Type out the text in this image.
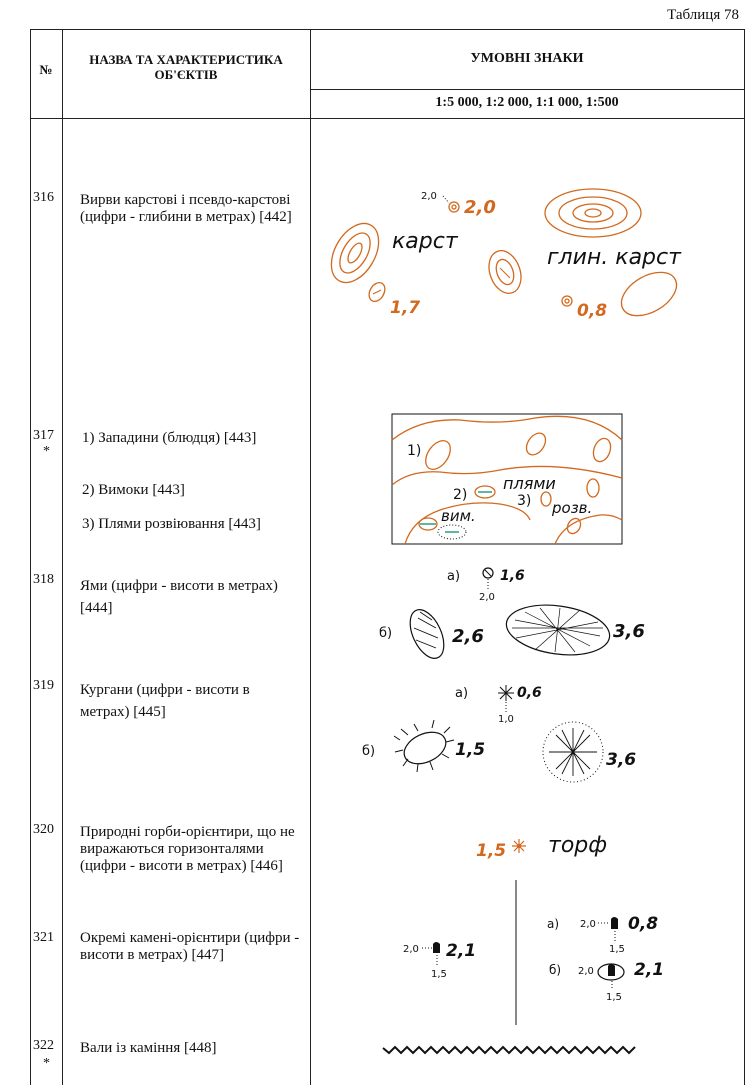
Таблиця 78
№
НАЗВА ТА ХАРАКТЕРИСТИКА ОБ'ЄКТІВ
УМОВНІ ЗНАКИ
1:5 000, 1:2 000, 1:1 000, 1:500
316 Вирви карстові і псевдо-карстові (цифри - глибини в метрах) [442]
317
*
1) Западини (блюдця) [443]
2) Вимоки [443]
3) Плями розвіювання [443]
318 Ями (цифри - висоти в метрах) [444]
319 Кургани (цифри - висоти в метрах) [445]
320 Природні горби-орієнтири, що не виражаються горизонталями (цифри - висоти в метрах) [446]
321 Окремі камені-орієнтири (цифри - висоти в метрах) [447]
322
*
Вали із каміння [448]
2,0
2,0
карст
глин. карст
1,7	0,8
1)
2)	3)
плями
розв.
вим.
а)	1,6
2,0
б)	2,6	3,6
а)	0,6
1,0
б)	1,5	3,6
1,5 торф
2,0 2,1
1,5
а) 2,0 0,8
1,5
б) 2,0 2,1
1,5
